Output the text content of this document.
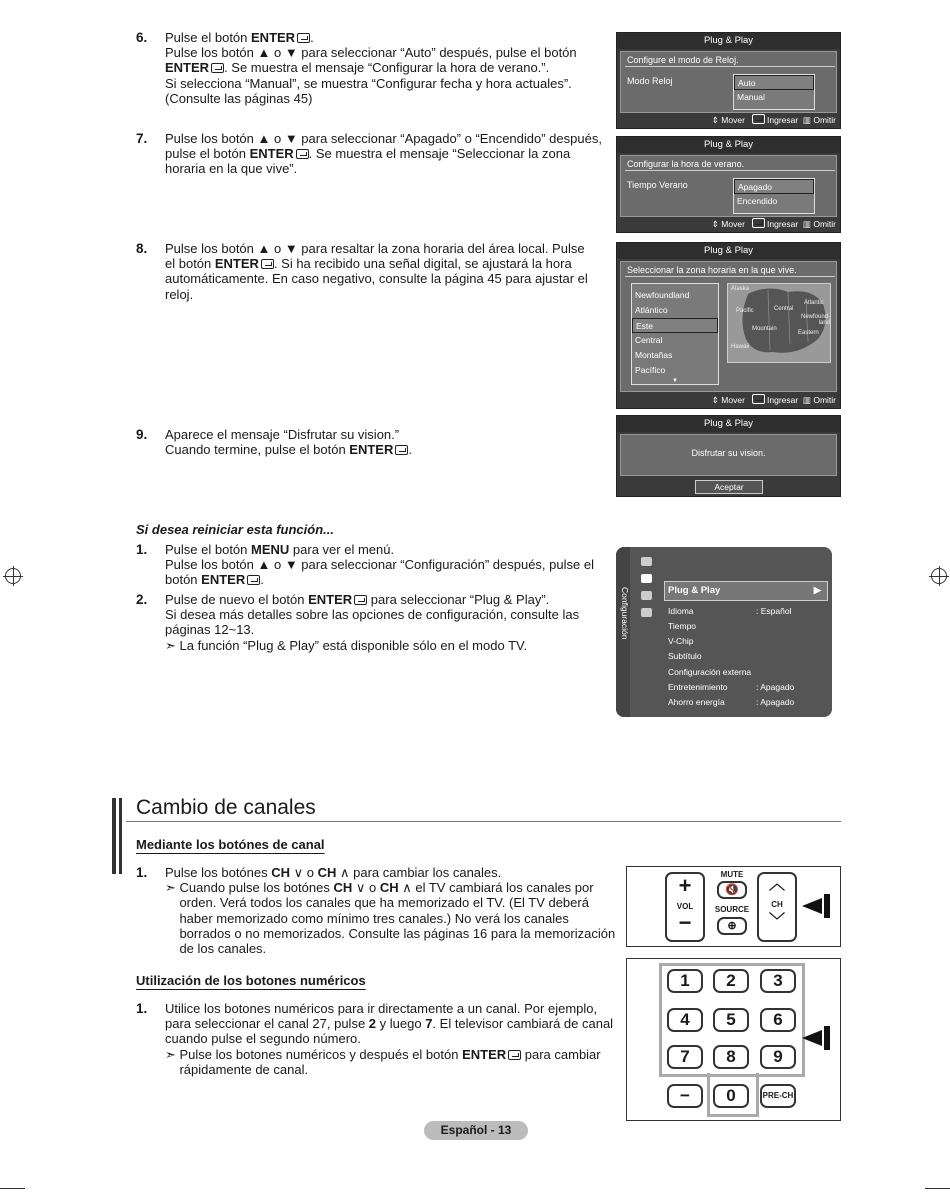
6. Pulse el botón ENTER .
Pulse los botón ▲ o ▼ para seleccionar “Auto” después, pulse el botón
ENTER . Se muestra el mensaje “Configurar la hora de verano.”.
Si selecciona “Manual”, se muestra “Configurar fecha y hora actuales”.
(Consulte las páginas 45)
7. Pulse los botón ▲ o ▼ para seleccionar “Apagado” o “Encendido” después,
pulse el botón ENTER . Se muestra el mensaje “Seleccionar la zona
horaria en la que vive”.
8. Pulse los botón ▲ o ▼ para resaltar la zona horaria del área local. Pulse
el botón ENTER . Si ha recibido una señal digital, se ajustará la hora
automáticamente. En caso negativo, consulte la página 45 para ajustar el
reloj.
9. Aparece el mensaje “Disfrutar su vision.”
Cuando termine, pulse el botón ENTER .
Plug & Play
Configure el modo de Reloj.
Modo Reloj	Auto
Manual
⇕ Mover	Ingresar  ▥ Omitir
Plug & Play
Configurar la hora de verano.
Tiempo Verano	Apagado
Encendido
⇕ Mover	Ingresar  ▥ Omitir
Plug & Play
Seleccionar la zona horaria en la que vive.
Newfoundland
Atlántico
Este
Central
Montañas
Pacífico
▼
Alaska
Pacific	Central
Atlantic
Newfound-land
Mountain
Eastern
Hawaii
⇕ Mover	Ingresar  ▥ Omitir
Plug & Play
Disfrutar su vision.
Aceptar
Si desea reiniciar esta función...
1. Pulse el botón MENU para ver el menú.
Pulse los botón ▲ o ▼ para seleccionar “Configuración” después, pulse el
botón ENTER .
2. Pulse de nuevo el botón ENTER para seleccionar “Plug & Play”.
Si desea más detalles sobre las opciones de configuración, consulte las
páginas 12~13.
➣ La función “Plug & Play” está disponible sólo en el modo TV.
Configuración	Plug & Play	▶
Idioma	: Español
Tiempo
V-Chip
Subtítulo
Configuración externa
Entretenimiento	: Apagado
Ahorro energía	: Apagado
Cambio de canales
Mediante los botónes de canal
1. Pulse los botónes CH ∨ o CH ∧ para cambiar los canales.
➣ Cuando pulse los botónes CH ∨ o CH ∧ el TV cambiará los canales por
orden. Verá todos los canales que ha memorizado el TV. (El TV deberá
haber memorizado como mínimo tres canales.) No verá los canales
borrados o no memorizados. Consulte las páginas 16 para la memorización
de los canales.
Utilización de los botones numéricos
1. Utilice los botones numéricos para ir directamente a un canal. Por ejemplo,
para seleccionar el canal 27, pulse 2 y luego 7. El televisor cambiará de canal
cuando pulse el segundo número.
➣ Pulse los botones numéricos y después el botón ENTER para cambiar
rápidamente de canal.
+
VOL
−
MUTE
🔇
SOURCE
⊕
︿
CH
﹀
1	2	3
4	5	6
7	8	9
−	0	PRE-CH
Español - 13
